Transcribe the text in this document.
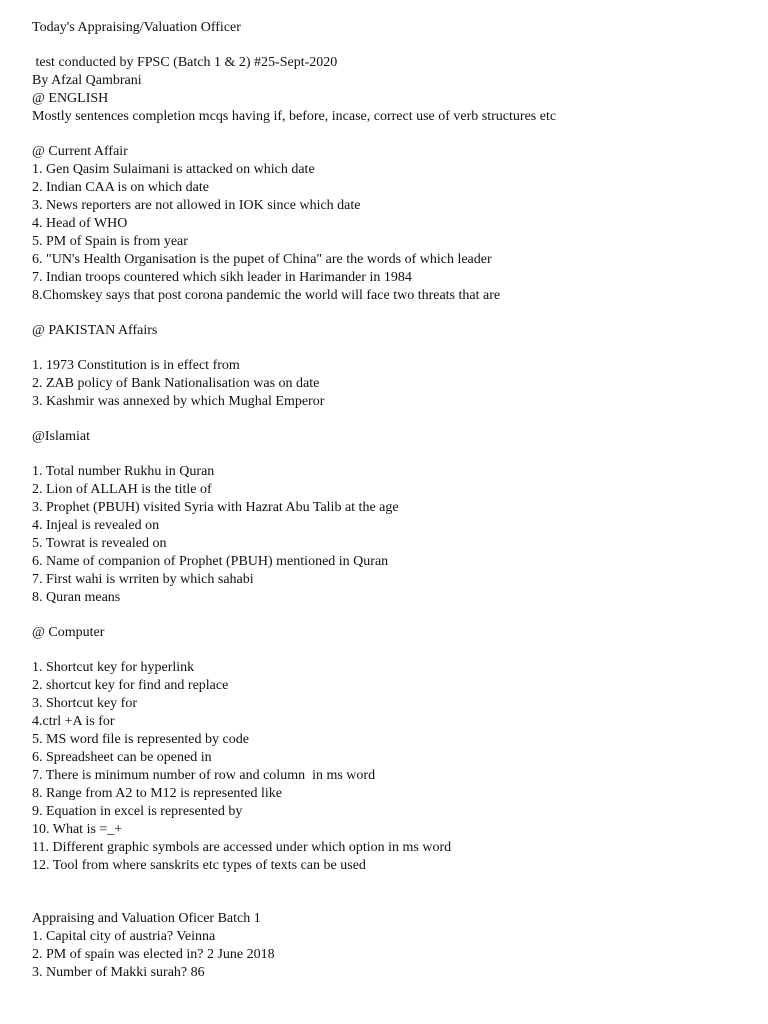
Today's Appraising/Valuation Officer
test conducted by FPSC (Batch 1 & 2) #25-Sept-2020
By Afzal Qambrani
@ ENGLISH
Mostly sentences completion mcqs having if, before, incase, correct use of verb structures etc
@ Current Affair
1. Gen Qasim Sulaimani is attacked on which date
2. Indian CAA is on which date
3. News reporters are not allowed in IOK since which date
4. Head of WHO
5. PM of Spain is from year
6. "UN's Health Organisation is the pupet of China" are the words of which leader
7. Indian troops countered which sikh leader in Harimander in 1984
8.Chomskey says that post corona pandemic the world will face two threats that are
@ PAKISTAN Affairs
1. 1973 Constitution is in effect from
2. ZAB policy of Bank Nationalisation was on date
3. Kashmir was annexed by which Mughal Emperor
@Islamiat
1. Total number Rukhu in Quran
2. Lion of ALLAH is the title of
3. Prophet (PBUH) visited Syria with Hazrat Abu Talib at the age
4. Injeal is revealed on
5. Towrat is revealed on
6. Name of companion of Prophet (PBUH) mentioned in Quran
7. First wahi is wrriten by which sahabi
8. Quran means
@ Computer
1. Shortcut key for hyperlink
2. shortcut key for find and replace
3. Shortcut key for
4.ctrl +A is for
5. MS word file is represented by code
6. Spreadsheet can be opened in
7. There is minimum number of row and column  in ms word
8. Range from A2 to M12 is represented like
9. Equation in excel is represented by
10. What is =_+
11. Different graphic symbols are accessed under which option in ms word
12. Tool from where sanskrits etc types of texts can be used
Appraising and Valuation Oficer Batch 1
1. Capital city of austria? Veinna
2. PM of spain was elected in? 2 June 2018
3. Number of Makki surah? 86
